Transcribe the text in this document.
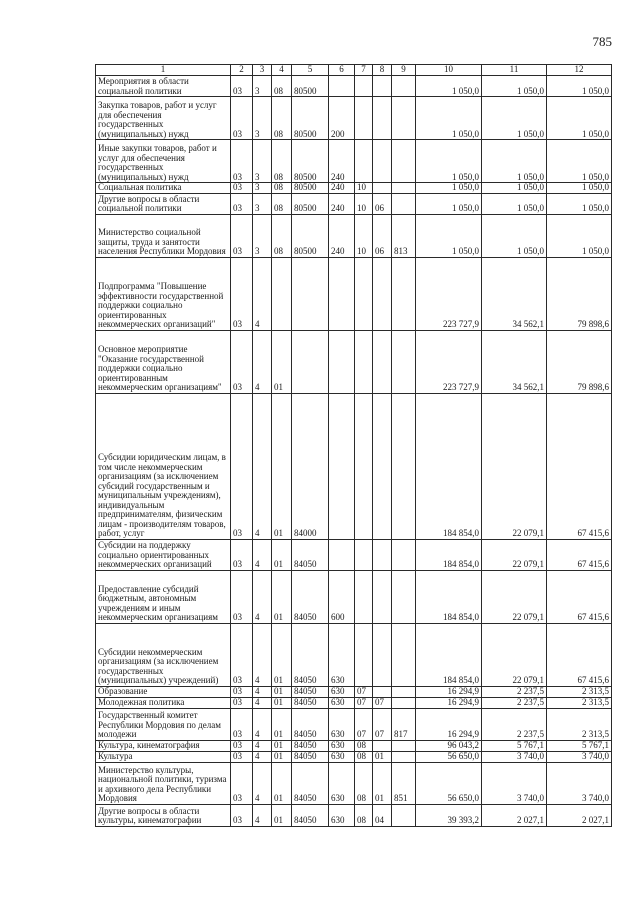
785
1	2	3	4	5	6	7	8	9	10	11	12
Мероприятия в области социальной политики	03	3	08	80500					1 050,0	1 050,0	1 050,0
Закупка товаров, работ и услуг для обеспечения государственных (муниципальных) нужд	03	3	08	80500	200				1 050,0	1 050,0	1 050,0
Иные закупки товаров, работ и услуг для обеспечения государственных (муниципальных) нужд	03	3	08	80500	240				1 050,0	1 050,0	1 050,0
Социальная политика	03	3	08	80500	240	10			1 050,0	1 050,0	1 050,0
Другие вопросы в области социальной политики	03	3	08	80500	240	10	06		1 050,0	1 050,0	1 050,0
Министерство социальной защиты, труда и занятости населения Республики Мордовия	03	3	08	80500	240	10	06	813	1 050,0	1 050,0	1 050,0
Подпрограмма "Повышение эффективности государственной поддержки социально ориентированных некоммерческих организаций"	03	4							223 727,9	34 562,1	79 898,6
Основное мероприятие "Оказание государственной поддержки социально ориентированным некоммерческим организациям"	03	4	01						223 727,9	34 562,1	79 898,6
Субсидии юридическим лицам, в том числе некоммерческим организациям (за исключением субсидий государственным и муниципальным учреждениям), индивидуальным предпринимателям, физическим лицам - производителям товаров, работ, услуг	03	4	01	84000					184 854,0	22 079,1	67 415,6
Субсидии на поддержку социально ориентированных некоммерческих организаций	03	4	01	84050					184 854,0	22 079,1	67 415,6
Предоставление субсидий бюджетным, автономным учреждениям и иным некоммерческим организациям	03	4	01	84050	600				184 854,0	22 079,1	67 415,6
Субсидии некоммерческим организациям (за исключением государственных (муниципальных) учреждений)	03	4	01	84050	630				184 854,0	22 079,1	67 415,6
Образование	03	4	01	84050	630	07			16 294,9	2 237,5	2 313,5
Молодежная политика	03	4	01	84050	630	07	07		16 294,9	2 237,5	2 313,5
Государственный комитет Республики Мордовия по делам молодежи	03	4	01	84050	630	07	07	817	16 294,9	2 237,5	2 313,5
Культура, кинематография	03	4	01	84050	630	08			96 043,2	5 767,1	5 767,1
Культура	03	4	01	84050	630	08	01		56 650,0	3 740,0	3 740,0
Министерство культуры, национальной политики, туризма и архивного дела Республики Мордовия	03	4	01	84050	630	08	01	851	56 650,0	3 740,0	3 740,0
Другие вопросы в области культуры, кинематографии	03	4	01	84050	630	08	04		39 393,2	2 027,1	2 027,1
